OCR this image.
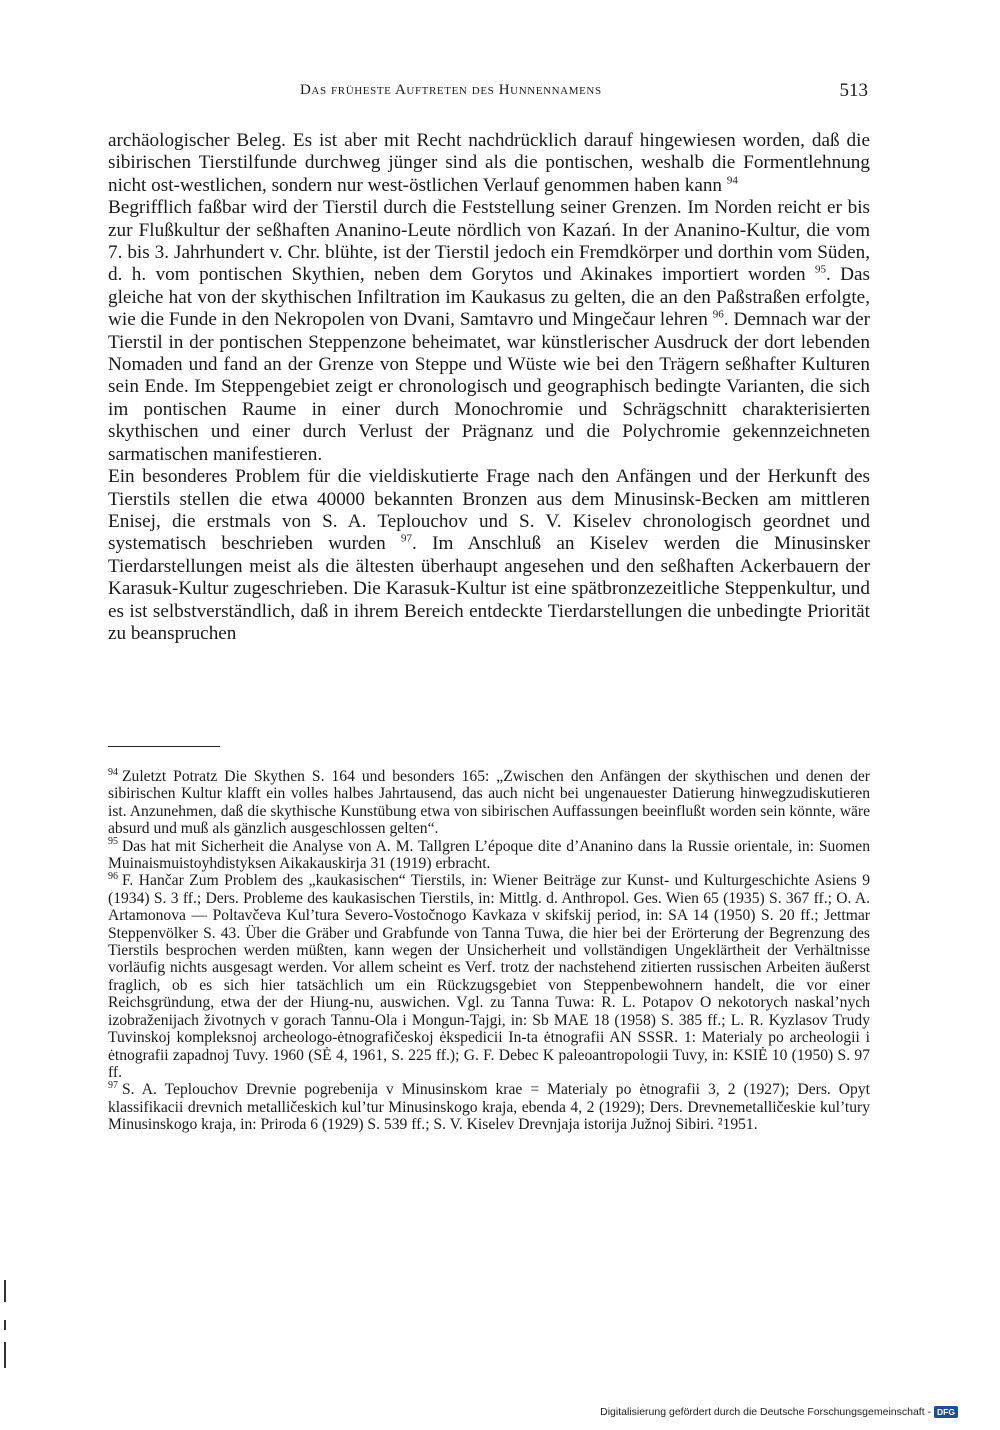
Das früheste Auftreten des Hunnennamens	513

archäologischer Beleg. Es ist aber mit Recht nachdrücklich darauf hingewiesen worden, daß die sibirischen Tierstilfunde durchweg jünger sind als die pontischen, weshalb die Formentlehnung nicht ost-westlichen, sondern nur west-östlichen Verlauf genommen haben kann $^{94}$

Begrifflich faßbar wird der Tierstil durch die Feststellung seiner Grenzen. Im Norden reicht er bis zur Flußkultur der seßhaften Ananino-Leute nördlich von Kazań. In der Ananino-Kultur, die vom 7. bis 3. Jahrhundert v. Chr. blühte, ist der Tierstil jedoch ein Fremdkörper und dorthin vom Süden, d. h. vom pontischen Skythien, neben dem Gorytos und Akinakes importiert worden $^{95}$. Das gleiche hat von der skythischen Infiltration im Kaukasus zu gelten, die an den Paßstraßen erfolgte, wie die Funde in den Nekropolen von Dvani, Samtavro und Mingečaur lehren $^{96}$. Demnach war der Tierstil in der pontischen Steppenzone beheimatet, war künstlerischer Ausdruck der dort lebenden Nomaden und fand an der Grenze von Steppe und Wüste wie bei den Trägern seßhafter Kulturen sein Ende. Im Steppengebiet zeigt er chronologisch und geographisch bedingte Varianten, die sich im pontischen Raume in einer durch Monochromie und Schrägschnitt charakterisierten skythischen und einer durch Verlust der Prägnanz und die Polychromie gekennzeichneten sarmatischen manifestieren.

Ein besonderes Problem für die vieldiskutierte Frage nach den Anfängen und der Herkunft des Tierstils stellen die etwa 40000 bekannten Bronzen aus dem Minusinsk-Becken am mittleren Enisej, die erstmals von S. A. Teplouchov und S. V. Kiselev chronologisch geordnet und systematisch beschrieben wurden $^{97}$. Im Anschluß an Kiselev werden die Minusinsker Tierdarstellungen meist als die ältesten überhaupt angesehen und den seßhaften Ackerbauern der Karasuk-Kultur zugeschrieben. Die Karasuk-Kultur ist eine spätbronzezeitliche Steppenkultur, und es ist selbstverständlich, daß in ihrem Bereich entdeckte Tierdarstellungen die unbedingte Priorität zu beanspruchen

$^{94}$ Zuletzt Potratz Die Skythen S. 164 und besonders 165: „Zwischen den Anfängen der skythischen und denen der sibirischen Kultur klafft ein volles halbes Jahrtausend, das auch nicht bei ungenauester Datierung hinwegzudiskutieren ist. Anzunehmen, daß die skythische Kunstübung etwa von sibirischen Auffassungen beeinflußt worden sein könnte, wäre absurd und muß als gänzlich ausgeschlossen gelten“.

$^{95}$ Das hat mit Sicherheit die Analyse von A. M. Tallgren L’époque dite d’Ananino dans la Russie orientale, in: Suomen Muinaismuistoyhdistyksen Aikakauskirja 31 (1919) erbracht.

$^{96}$ F. Hančar Zum Problem des „kaukasischen“ Tierstils, in: Wiener Beiträge zur Kunst- und Kulturgeschichte Asiens 9 (1934) S. 3 ff.; Ders. Probleme des kaukasischen Tierstils, in: Mittlg. d. Anthropol. Ges. Wien 65 (1935) S. 367 ff.; O. A. Artamonova — Poltavčeva Kul’tura Severo-Vostočnogo Kavkaza v skifskij period, in: SA 14 (1950) S. 20 ff.; Jettmar Steppenvölker S. 43. Über die Gräber und Grabfunde von Tanna Tuwa, die hier bei der Erörterung der Begrenzung des Tierstils besprochen werden müßten, kann wegen der Unsicherheit und vollständigen Ungeklärtheit der Verhältnisse vorläufig nichts ausgesagt werden. Vor allem scheint es Verf. trotz der nachstehend zitierten russischen Arbeiten äußerst fraglich, ob es sich hier tatsächlich um ein Rückzugsgebiet von Steppenbewohnern handelt, die vor einer Reichsgründung, etwa der der Hiung-nu, auswichen. Vgl. zu Tanna Tuwa: R. L. Potapov O nekotorych naskal’nych izobraženijach životnych v gorach Tannu-Ola i Mongun-Tajgi, in: Sb MAE 18 (1958) S. 385 ff.; L. R. Kyzlasov Trudy Tuvinskoj kompleksnoj archeologo-ėtnografičeskoj ėkspedicii In-ta ėtnografii AN SSSR. 1: Materialy po archeologii i ėtnografii zapadnoj Tuvy. 1960 (SĖ 4, 1961, S. 225 ff.); G. F. Debec K paleoantropologii Tuvy, in: KSIĖ 10 (1950) S. 97 ff.

$^{97}$ S. A. Teplouchov Drevnie pogrebenija v Minusinskom krae = Materialy po ėtnografii 3, 2 (1927); Ders. Opyt klassifikacii drevnich metalličeskich kul’tur Minusinskogo kraja, ebenda 4, 2 (1929); Ders. Drevnemetalličeskie kul’tury Minusinskogo kraja, in: Priroda 6 (1929) S. 539 ff.; S. V. Kiselev Drevnjaja istorija Južnoj Sibiri. ²1951.

Digitalisierung gefördert durch die Deutsche Forschungsgemeinschaft - DFG
